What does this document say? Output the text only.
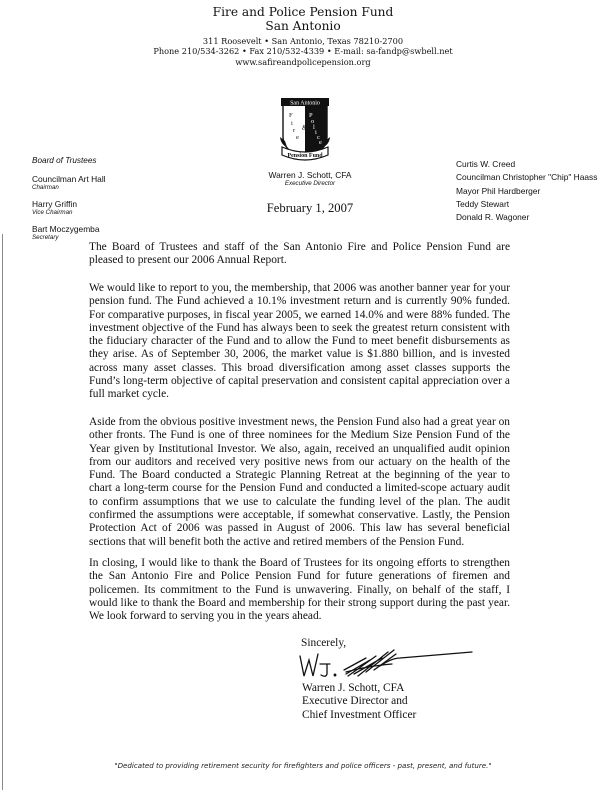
Fire and Police Pension Fund
San Antonio
311 Roosevelt • San Antonio, Texas 78210-2700
Phone 210/534-3262 • Fax 210/532-4339 • E-mail: sa-fandp@swbell.net
www.safireandpolicepension.org
San Antonio
F
i
r
e
&
P
o
l
i
c
e
Pension Fund
Board of Trustees
Councilman Art Hall
Chairman
Harry Griffin
Vice Chairman
Bart Moczygemba
Secretary
Warren J. Schott, CFA
Executive Director
Curtis W. Creed
Councilman Christopher "Chip" Haass
Mayor Phil Hardberger
Teddy Stewart
Donald R. Wagoner
February 1, 2007

The Board of Trustees and staff of the San Antonio Fire and Police Pension Fund are pleased to present our 2006 Annual Report.

We would like to report to you, the membership, that 2006 was another banner year for your pension fund. The Fund achieved a 10.1% investment return and is currently 90% funded. For comparative purposes, in fiscal year 2005, we earned 14.0% and were 88% funded. The investment objective of the Fund has always been to seek the greatest return consistent with the fiduciary character of the Fund and to allow the Fund to meet benefit disbursements as they arise. As of September 30, 2006, the market value is $1.880 billion, and is invested across many asset classes. This broad diversification among asset classes supports the Fund’s long-term objective of capital preservation and consistent capital appreciation over a full market cycle.

Aside from the obvious positive investment news, the Pension Fund also had a great year on other fronts. The Fund is one of three nominees for the Medium Size Pension Fund of the Year given by Institutional Investor. We also, again, received an unqualified audit opinion from our auditors and received very positive news from our actuary on the health of the Fund. The Board conducted a Strategic Planning Retreat at the beginning of the year to chart a long-term course for the Pension Fund and conducted a limited-scope actuary audit to confirm assumptions that we use to calculate the funding level of the plan. The audit confirmed the assumptions were acceptable, if somewhat conservative. Lastly, the Pension Protection Act of 2006 was passed in August of 2006. This law has several beneficial sections that will benefit both the active and retired members of the Pension Fund.

In closing, I would like to thank the Board of Trustees for its ongoing efforts to strengthen the San Antonio Fire and Police Pension Fund for future generations of firemen and policemen. Its commitment to the Fund is unwavering. Finally, on behalf of the staff, I would like to thank the Board and membership for their strong support during the past year. We look forward to serving you in the years ahead.

Sincerely,
Warren J. Schott, CFA
Executive Director and
Chief Investment Officer
"Dedicated to providing retirement security for firefighters and police officers - past, present, and future."
